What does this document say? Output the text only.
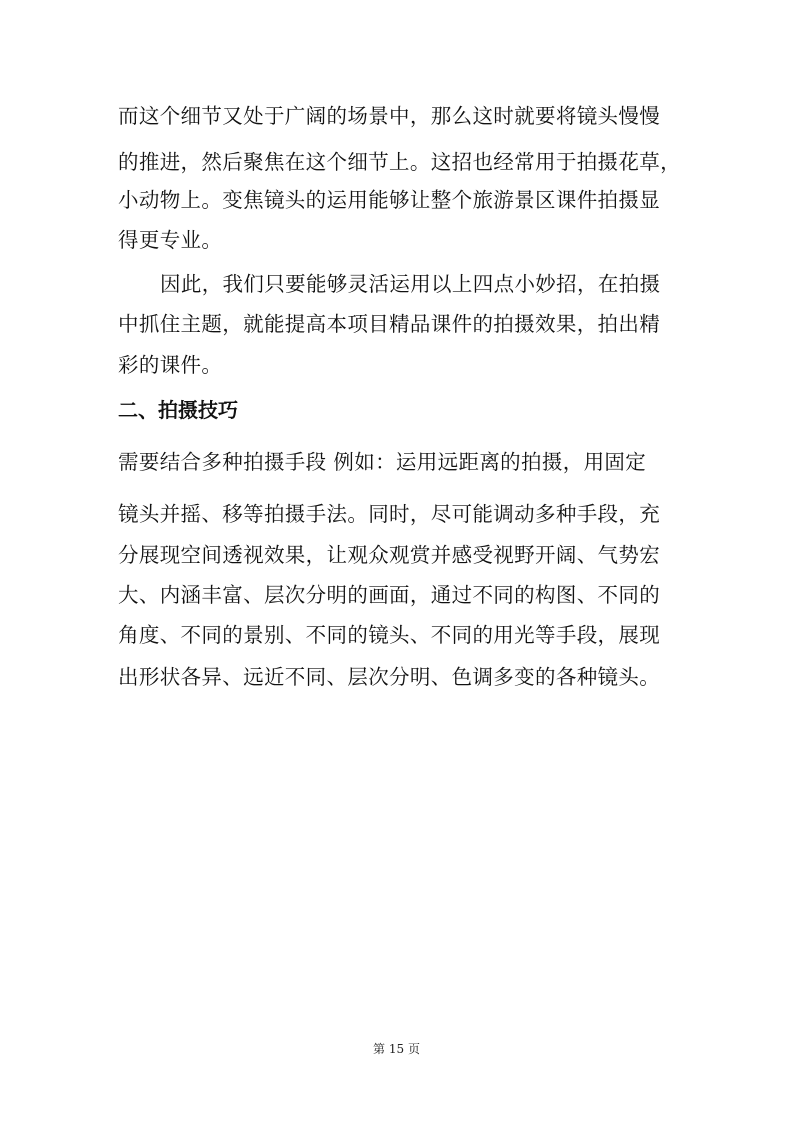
而这个细节又处于广阔的场景中，那么这时就要将镜头慢慢
的推进，然后聚焦在这个细节上。这招也经常用于拍摄花草，
小动物上。变焦镜头的运用能够让整个旅游景区课件拍摄显
得更专业。
因此，我们只要能够灵活运用以上四点小妙招，在拍摄
中抓住主题，就能提高本项目精品课件的拍摄效果，拍出精
彩的课件。
二、拍摄技巧
需要结合多种拍摄手段 例如：运用远距离的拍摄，用固定
镜头并摇、移等拍摄手法。同时，尽可能调动多种手段，充
分展现空间透视效果，让观众观赏并感受视野开阔、气势宏
大、内涵丰富、层次分明的画面，通过不同的构图、不同的
角度、不同的景别、不同的镜头、不同的用光等手段，展现
出形状各异、远近不同、层次分明、色调多变的各种镜头。
第 15 页
